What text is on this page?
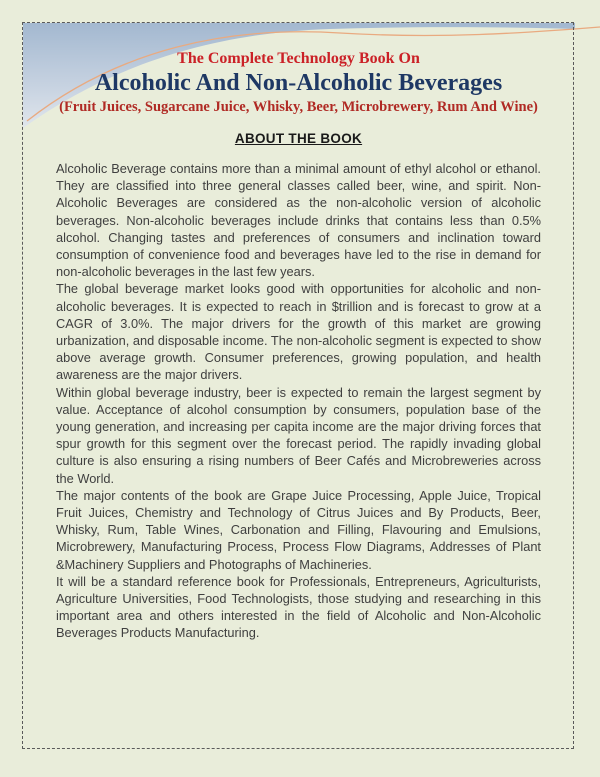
The Complete Technology Book On
Alcoholic And Non-Alcoholic Beverages
(Fruit Juices, Sugarcane Juice, Whisky, Beer, Microbrewery, Rum And Wine)
ABOUT THE BOOK

Alcoholic Beverage contains more than a minimal amount of ethyl alcohol or ethanol. They are classified into three general classes called beer, wine, and spirit. Non-Alcoholic Beverages are considered as the non-alcoholic version of alcoholic beverages. Non-alcoholic beverages include drinks that contains less than 0.5% alcohol. Changing tastes and preferences of consumers and inclination toward consumption of convenience food and beverages have led to the rise in demand for non-alcoholic beverages in the last few years.

The global beverage market looks good with opportunities for alcoholic and non-alcoholic beverages. It is expected to reach in $trillion and is forecast to grow at a CAGR of 3.0%. The major drivers for the growth of this market are growing urbanization, and disposable income. The non-alcoholic segment is expected to show above average growth. Consumer preferences, growing population, and health awareness are the major drivers.

Within global beverage industry, beer is expected to remain the largest segment by value. Acceptance of alcohol consumption by consumers, population base of the young generation, and increasing per capita income are the major driving forces that spur growth for this segment over the forecast period. The rapidly invading global culture is also ensuring a rising numbers of Beer Cafés and Microbreweries across the World.

The major contents of the book are Grape Juice Processing, Apple Juice, Tropical Fruit Juices, Chemistry and Technology of Citrus Juices and By Products, Beer, Whisky, Rum, Table Wines, Carbonation and Filling, Flavouring and Emulsions, Microbrewery, Manufacturing Process, Process Flow Diagrams, Addresses of Plant &Machinery Suppliers and Photographs of Machineries.

It will be a standard reference book for Professionals, Entrepreneurs, Agriculturists, Agriculture Universities, Food Technologists, those studying and researching in this important area and others interested in the field of Alcoholic and Non-Alcoholic Beverages Products Manufacturing.
